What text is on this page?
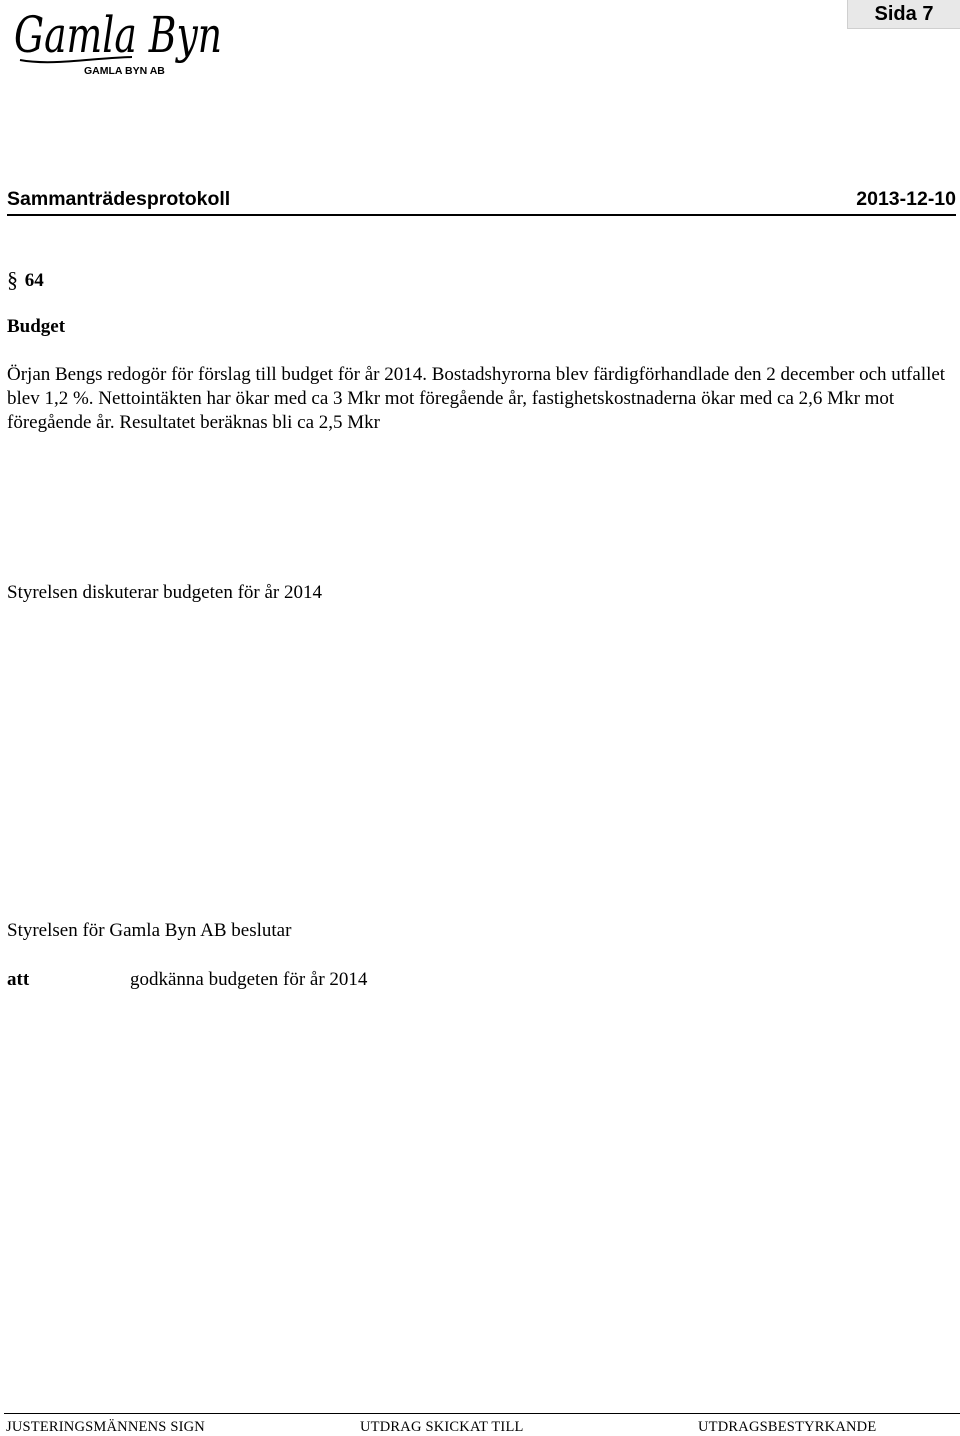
Gamla Byn
GAMLA BYN AB
Sida 7
Sammanträdesprotokoll	2013-12-10
§ 64
Budget
Örjan Bengs redogör för förslag till budget för år 2014. Bostadshyrorna blev färdigförhandlade den 2 december och utfallet blev 1,2 %. Nettointäkten har ökar med ca 3 Mkr mot föregående år, fastighetskostnaderna ökar med ca 2,6 Mkr mot föregående år. Resultatet beräknas bli ca 2,5 Mkr
Styrelsen diskuterar budgeten för år 2014
Styrelsen för Gamla Byn AB beslutar
att	godkänna budgeten för år 2014
JUSTERINGSMÄNNENS SIGN	UTDRAG SKICKAT TILL	UTDRAGSBESTYRKANDE
